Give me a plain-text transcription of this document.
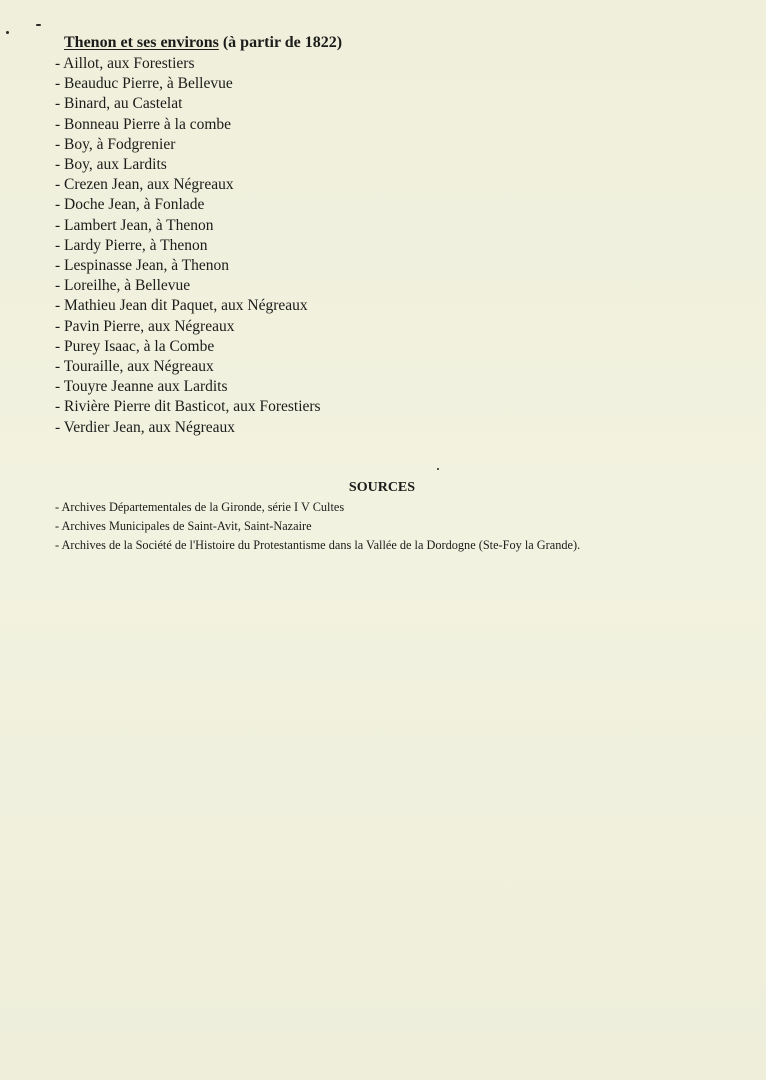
Thenon et ses environs (à partir de 1822)
- Aillot, aux Forestiers
- Beauduc Pierre, à Bellevue
- Binard, au Castelat
- Bonneau Pierre à la combe
- Boy, à Fodgrenier
- Boy, aux Lardits
- Crezen Jean, aux Négreaux
- Doche Jean, à Fonlade
- Lambert Jean, à Thenon
- Lardy Pierre, à Thenon
- Lespinasse Jean, à Thenon
- Loreilhe, à Bellevue
- Mathieu Jean dit Paquet, aux Négreaux
- Pavin Pierre, aux Négreaux
- Purey Isaac, à la Combe
- Touraille, aux Négreaux
- Touyre Jeanne aux Lardits
- Rivière Pierre dit Basticot, aux Forestiers
- Verdier Jean, aux Négreaux
SOURCES
- Archives Départementales de la Gironde, série I V Cultes
- Archives Municipales de Saint-Avit, Saint-Nazaire
- Archives de la Société de l'Histoire du Protestantisme dans la Vallée de la Dordogne (Ste-Foy la Grande).
